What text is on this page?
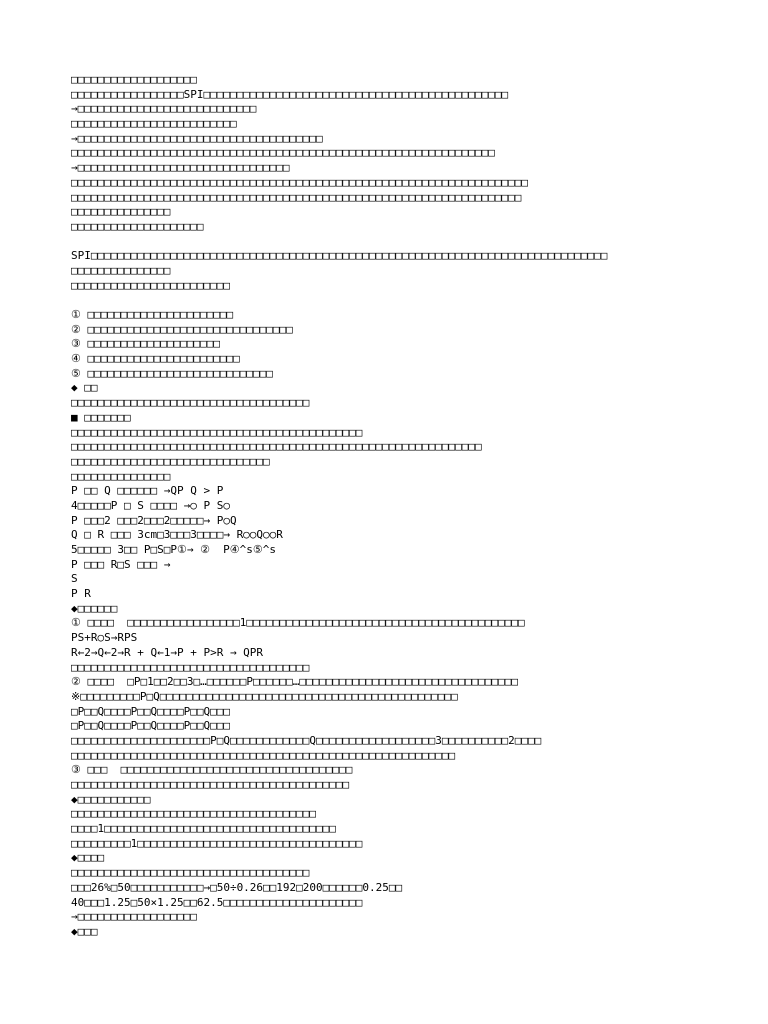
□□□□□□□□□□□□□□□□□□□
□□□□□□□□□□□□□□□□□SPI□□□□□□□□□□□□□□□□□□□□□□□□□□□□□□□□□□□□□□□□□□□□□□
→□□□□□□□□□□□□□□□□□□□□□□□□□□□
□□□□□□□□□□□□□□□□□□□□□□□□□
→□□□□□□□□□□□□□□□□□□□□□□□□□□□□□□□□□□□□□
□□□□□□□□□□□□□□□□□□□□□□□□□□□□□□□□□□□□□□□□□□□□□□□□□□□□□□□□□□□□□□□□
→□□□□□□□□□□□□□□□□□□□□□□□□□□□□□□□□
□□□□□□□□□□□□□□□□□□□□□□□□□□□□□□□□□□□□□□□□□□□□□□□□□□□□□□□□□□□□□□□□□□□□□
□□□□□□□□□□□□□□□□□□□□□□□□□□□□□□□□□□□□□□□□□□□□□□□□□□□□□□□□□□□□□□□□□□□□
□□□□□□□□□□□□□□□
□□□□□□□□□□□□□□□□□□□□
SPI□□□□□□□□□□□□□□□□□□□□□□□□□□□□□□□□□□□□□□□□□□□□□□□□□□□□□□□□□□□□□□□□□□□□□□□□□□□□□□
□□□□□□□□□□□□□□□
□□□□□□□□□□□□□□□□□□□□□□□□
① □□□□□□□□□□□□□□□□□□□□□□
② □□□□□□□□□□□□□□□□□□□□□□□□□□□□□□□
③ □□□□□□□□□□□□□□□□□□□□
④ □□□□□□□□□□□□□□□□□□□□□□□
⑤ □□□□□□□□□□□□□□□□□□□□□□□□□□□□
◆ □□
□□□□□□□□□□□□□□□□□□□□□□□□□□□□□□□□□□□□
■ □□□□□□□
□□□□□□□□□□□□□□□□□□□□□□□□□□□□□□□□□□□□□□□□□□□□
□□□□□□□□□□□□□□□□□□□□□□□□□□□□□□□□□□□□□□□□□□□□□□□□□□□□□□□□□□□□□□
□□□□□□□□□□□□□□□□□□□□□□□□□□□□□□
□□□□□□□□□□□□□□□
P □□ Q □□□□□□ →QP Q > P
4□□□□□P □ S □□□□ →○ P S○
P □□□2 □□□2□□□2□□□□□→ P○Q
Q □ R □□□ 3cm□3□□□3□□□□→ R○○Q○○R
5□□□□□ 3□□ P□S□P①→ ②  P④^s⑤^s
P □□□ R□S □□□ →
S
P R
◆□□□□□□
① □□□□  □□□□□□□□□□□□□□□□□1□□□□□□□□□□□□□□□□□□□□□□□□□□□□□□□□□□□□□□□□□□
PS+R○S→RPS
R←2→Q←2→R + Q←1→P + P>R → QPR
□□□□□□□□□□□□□□□□□□□□□□□□□□□□□□□□□□□□
② □□□□  □P□1□□2□□3□…□□□□□□P□□□□□□…□□□□□□□□□□□□□□□□□□□□□□□□□□□□□□□□□
※□□□□□□□□□P□Q□□□□□□□□□□□□□□□□□□□□□□□□□□□□□□□□□□□□□□□□□□□□□
□P□□Q□□□□P□□Q□□□□P□□Q□□□
□P□□Q□□□□P□□Q□□□□P□□Q□□□
□□□□□□□□□□□□□□□□□□□□□P□Q□□□□□□□□□□□□Q□□□□□□□□□□□□□□□□□□3□□□□□□□□□□2□□□□
□□□□□□□□□□□□□□□□□□□□□□□□□□□□□□□□□□□□□□□□□□□□□□□□□□□□□□□□□□
③ □□□  □□□□□□□□□□□□□□□□□□□□□□□□□□□□□□□□□□□
□□□□□□□□□□□□□□□□□□□□□□□□□□□□□□□□□□□□□□□□□□
◆□□□□□□□□□□□
□□□□□□□□□□□□□□□□□□□□□□□□□□□□□□□□□□□□□
□□□□1□□□□□□□□□□□□□□□□□□□□□□□□□□□□□□□□□□□
□□□□□□□□□1□□□□□□□□□□□□□□□□□□□□□□□□□□□□□□□□□□
◆□□□□
□□□□□□□□□□□□□□□□□□□□□□□□□□□□□□□□□□□□
□□□26%□50□□□□□□□□□□□→□50÷0.26□□192□200□□□□□□0.25□□
40□□□1.25□50×1.25□□62.5□□□□□□□□□□□□□□□□□□□□□
→□□□□□□□□□□□□□□□□□□
◆□□□
